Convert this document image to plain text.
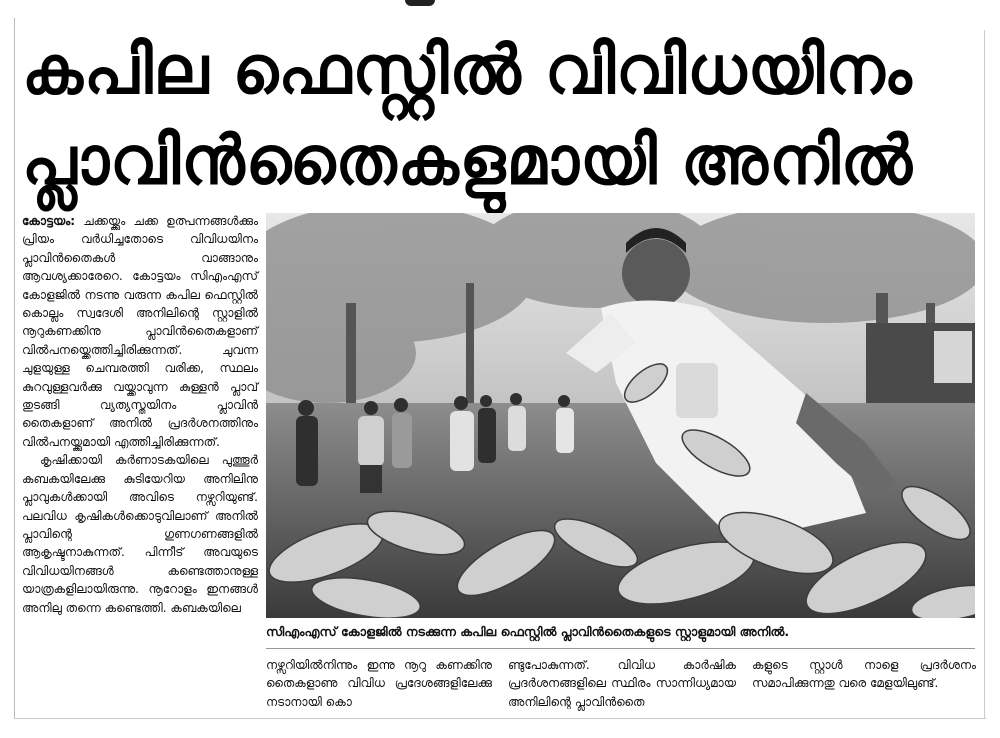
കപില ഫെസ്റ്റിൽ വിവിധയിനം
പ്ലാവിൻതൈകളുമായി അനിൽ

കോട്ടയം: ചക്കയ്ക്കും ചക്ക ഉത്പന്നങ്ങൾക്കും പ്രിയം വർധിച്ചതോടെ വിവിധയിനം പ്ലാവിൻതൈകൾ വാങ്ങാനും ആവശ്യക്കാരേറെ. കോട്ടയം സിഎംഎസ് കോളജിൽ നടന്നു വരുന്ന കപില ഫെസ്റ്റിൽ കൊല്ലം സ്വദേശി അനിലിന്റെ സ്റ്റാളിൽ നൂറുകണക്കിനു പ്ലാവിൻതൈകളാണ് വിൽപനയ്ക്കെത്തിച്ചിരിക്കുന്നത്. ചുവന്ന ചുളയുള്ള ചെമ്പരത്തി വരിക്ക, സ്ഥലം കുറവുള്ളവർക്കു വയ്ക്കാവുന്ന കുള്ളൻ പ്ലാവ് തുടങ്ങി വ്യത്യസ്തയിനം പ്ലാവിൻ തൈകളാണ് അനിൽ പ്രദർശനത്തിനും വിൽപനയ്ക്കുമായി എത്തിച്ചിരിക്കുന്നത്.

കൃഷിക്കായി കർണാടകയിലെ പുത്തൂർ കബകയിലേക്കു കുടിയേറിയ അനിലിനു പ്ലാവുകൾക്കായി അവിടെ നഴ്സറിയുണ്ട്. പലവിധ കൃഷികൾക്കൊടുവിലാണ് അനിൽ പ്ലാവിന്റെ ഗുണഗണങ്ങളിൽ ആകൃഷ്ടനാകുന്നത്. പിന്നീട് അവയുടെ വിവിധയിനങ്ങൾ കണ്ടെത്താനുള്ള യാത്രകളിലായിരുന്നു. നൂറോളം ഇനങ്ങൾ അനിലു തന്നെ കണ്ടെത്തി. കബകയിലെ

സിഎംഎസ് കോളജിൽ നടക്കുന്ന കപില ഫെസ്റ്റിൽ പ്ലാവിൻതൈകളുടെ സ്റ്റാളുമായി അനിൽ.

നഴ്സറിയിൽനിന്നും ഇന്നു നൂറു കണക്കിനു തൈകളാണു വിവിധ പ്രദേശങ്ങളിലേക്കു നടാനായി കൊ

ണ്ടുപോകുന്നത്. വിവിധ കാർഷിക പ്രദർശനങ്ങളിലെ സ്ഥിരം സാന്നിധ്യമായ അനിലിന്റെ പ്ലാവിൻതൈ

കളുടെ സ്റ്റാൾ നാളെ പ്രദർശനം സമാപിക്കുന്നതു വരെ മേളയിലുണ്ട്.
